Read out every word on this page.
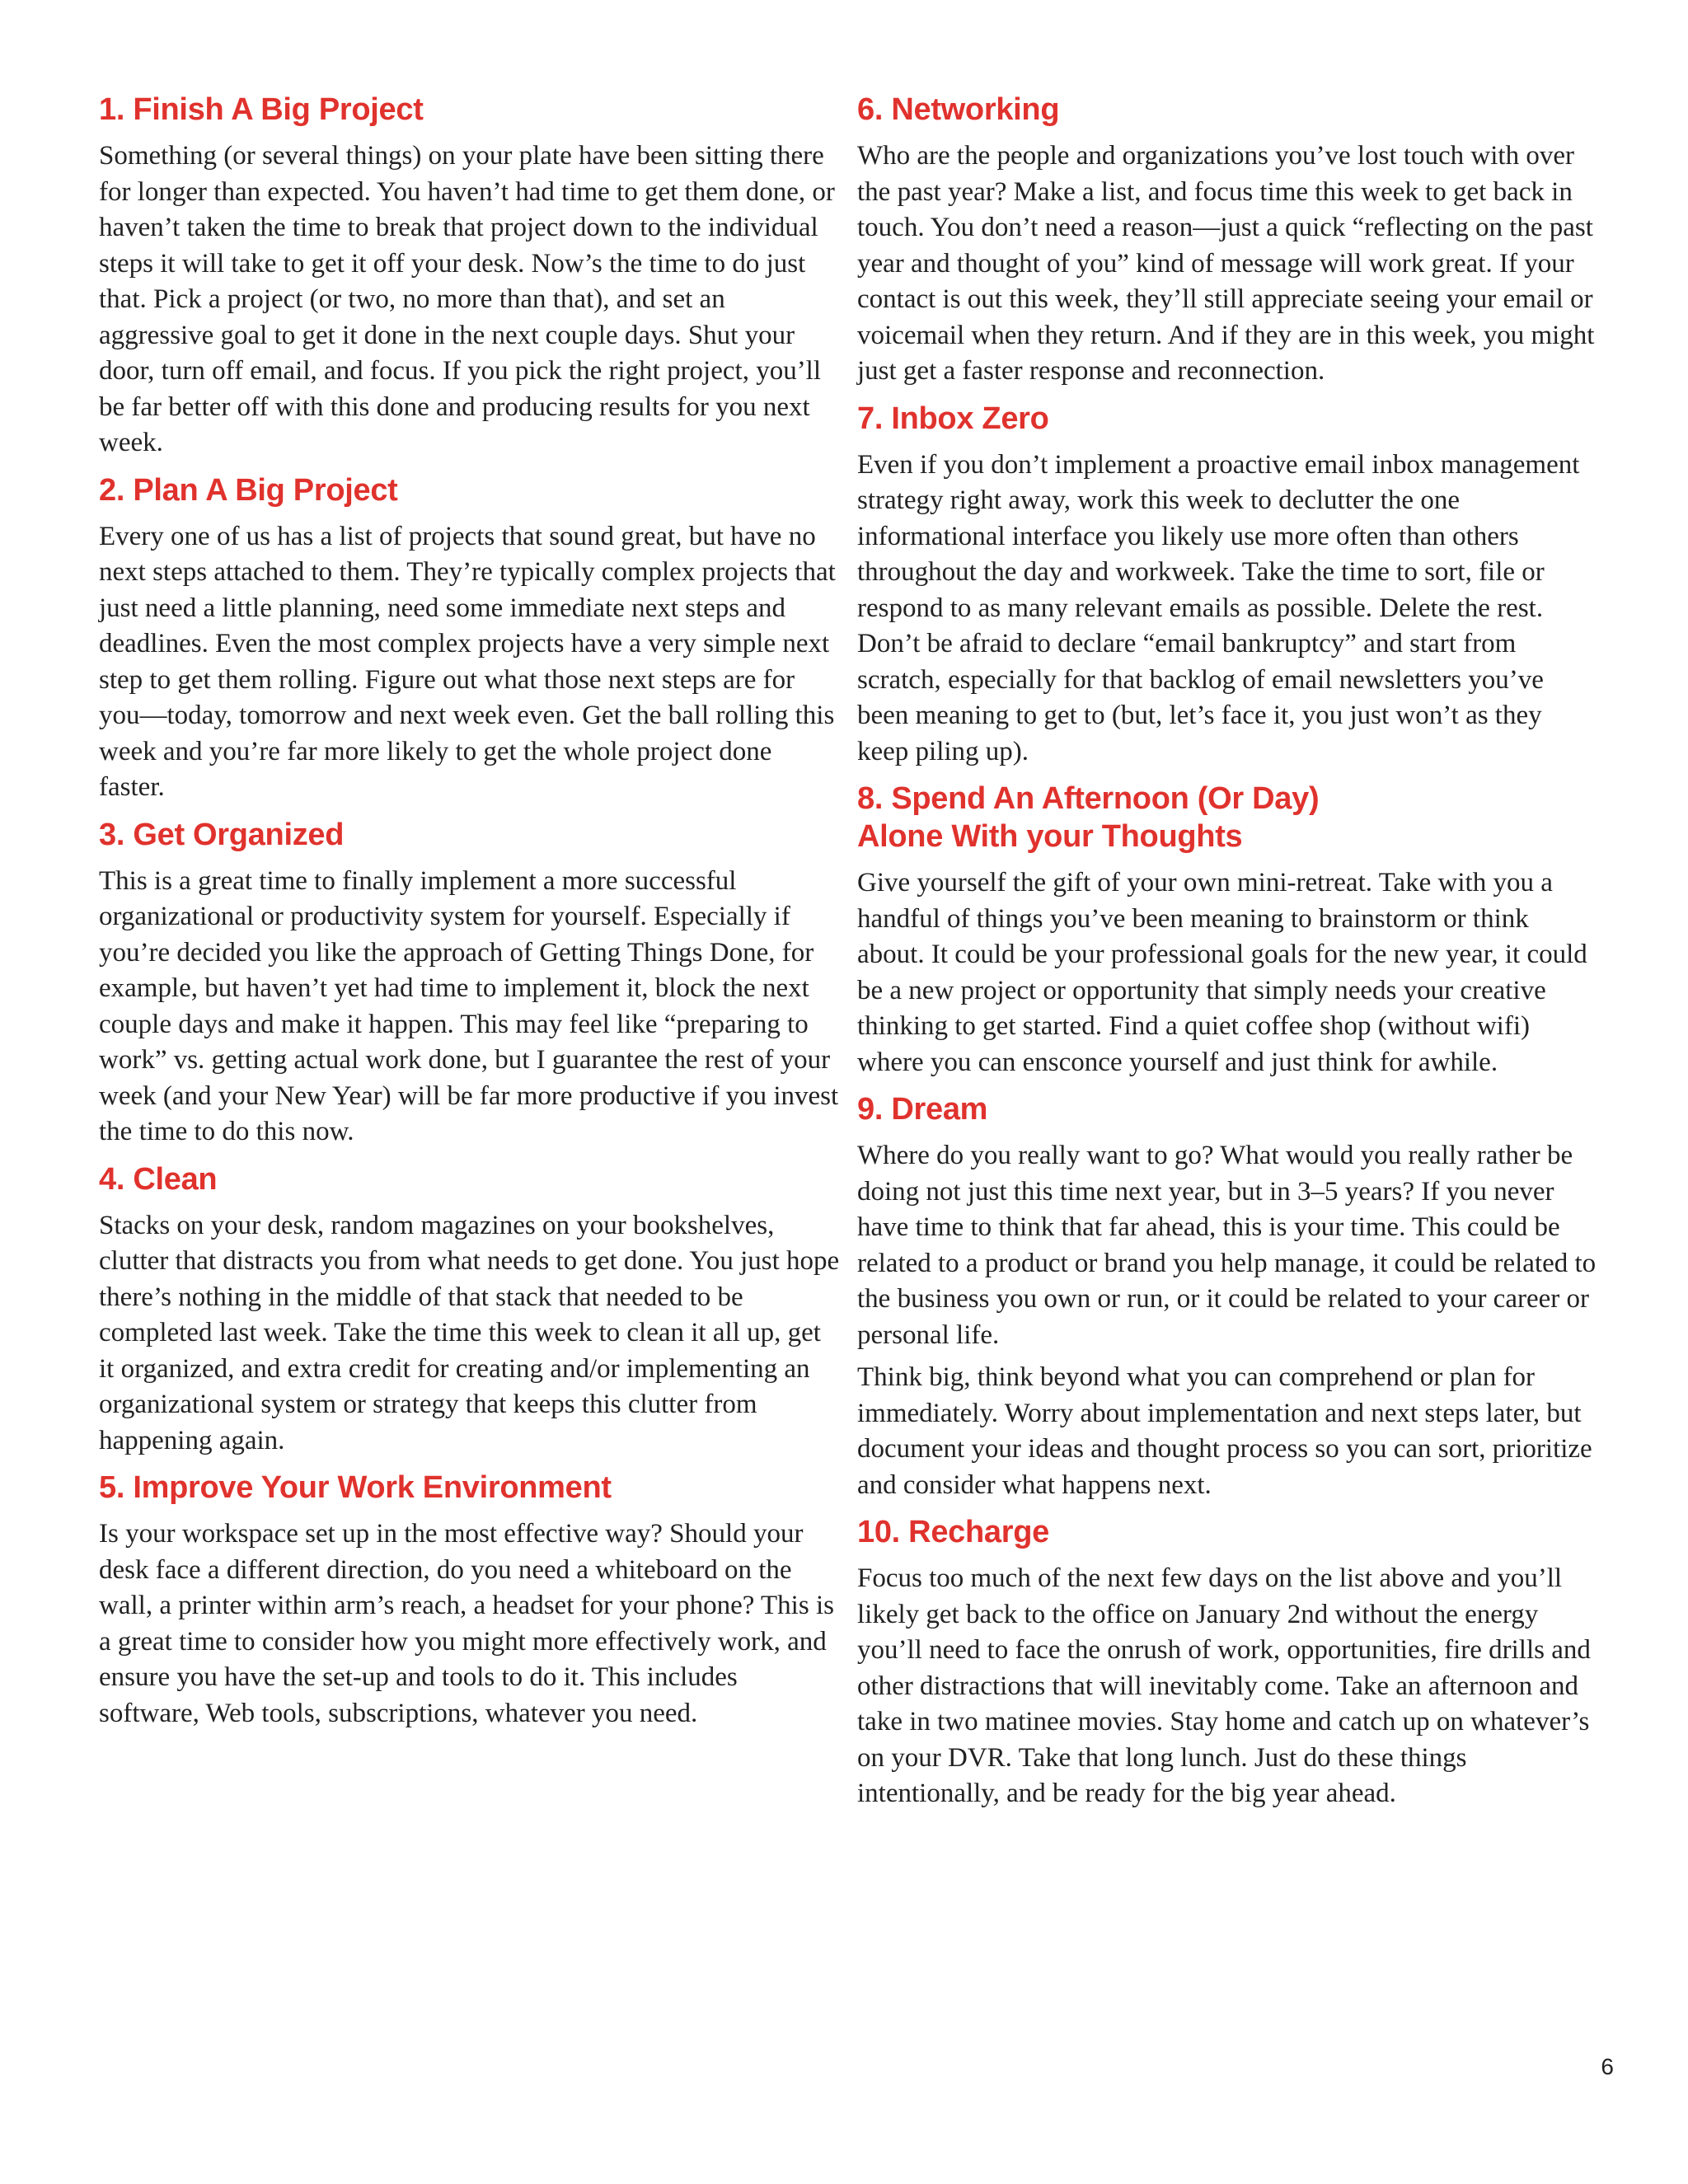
1. Finish A Big Project

Something (or several things) on your plate have been sitting there for longer than expected. You haven’t had time to get them done, or haven’t taken the time to break that project down to the individual steps it will take to get it off your desk. Now’s the time to do just that. Pick a project (or two, no more than that), and set an aggressive goal to get it done in the next couple days. Shut your door, turn off email, and focus. If you pick the right project, you’ll be far better off with this done and producing results for you next week.

2. Plan A Big Project

Every one of us has a list of projects that sound great, but have no next steps attached to them. They’re typically complex projects that just need a little planning, need some immediate next steps and deadlines. Even the most complex projects have a very simple next step to get them rolling. Figure out what those next steps are for you—today, tomorrow and next week even. Get the ball rolling this week and you’re far more likely to get the whole project done faster.

3. Get Organized

This is a great time to finally implement a more successful organizational or productivity system for yourself. Especially if you’re decided you like the approach of Getting Things Done, for example, but haven’t yet had time to implement it, block the next couple days and make it happen. This may feel like “preparing to work” vs. getting actual work done, but I guarantee the rest of your week (and your New Year) will be far more productive if you invest the time to do this now.

4. Clean

Stacks on your desk, random magazines on your bookshelves, clutter that distracts you from what needs to get done. You just hope there’s nothing in the middle of that stack that needed to be completed last week. Take the time this week to clean it all up, get it organized, and extra credit for creating and/or implementing an organizational system or strategy that keeps this clutter from happening again.

5. Improve Your Work Environment

Is your workspace set up in the most effective way? Should your desk face a different direction, do you need a whiteboard on the wall, a printer within arm’s reach, a headset for your phone? This is a great time to consider how you might more effectively work, and ensure you have the set-up and tools to do it. This includes software, Web tools, subscriptions, whatever you need.

6. Networking

Who are the people and organizations you’ve lost touch with over the past year? Make a list, and focus time this week to get back in touch. You don’t need a reason—just a quick “reflecting on the past year and thought of you” kind of message will work great. If your contact is out this week, they’ll still appreciate seeing your email or voicemail when they return. And if they are in this week, you might just get a faster response and reconnection.

7. Inbox Zero

Even if you don’t implement a proactive email inbox management strategy right away, work this week to declutter the one informational interface you likely use more often than others throughout the day and workweek. Take the time to sort, file or respond to as many relevant emails as possible. Delete the rest. Don’t be afraid to declare “email bankruptcy” and start from scratch, especially for that backlog of email newsletters you’ve been meaning to get to (but, let’s face it, you just won’t as they keep piling up).

8. Spend An Afternoon (Or Day)
Alone With your Thoughts

Give yourself the gift of your own mini-retreat. Take with you a handful of things you’ve been meaning to brainstorm or think about. It could be your professional goals for the new year, it could be a new project or opportunity that simply needs your creative thinking to get started. Find a quiet coffee shop (without wifi) where you can ensconce yourself and just think for awhile.

9. Dream

Where do you really want to go? What would you really rather be doing not just this time next year, but in 3–5 years? If you never have time to think that far ahead, this is your time. This could be related to a product or brand you help manage, it could be related to the business you own or run, or it could be related to your career or personal life.

Think big, think beyond what you can comprehend or plan for immediately. Worry about implementation and next steps later, but document your ideas and thought process so you can sort, prioritize and consider what happens next.

10. Recharge

Focus too much of the next few days on the list above and you’ll likely get back to the office on January 2nd without the energy you’ll need to face the onrush of work, opportunities, fire drills and other distractions that will inevitably come. Take an afternoon and take in two matinee movies. Stay home and catch up on whatever’s on your DVR. Take that long lunch. Just do these things intentionally, and be ready for the big year ahead.

6
